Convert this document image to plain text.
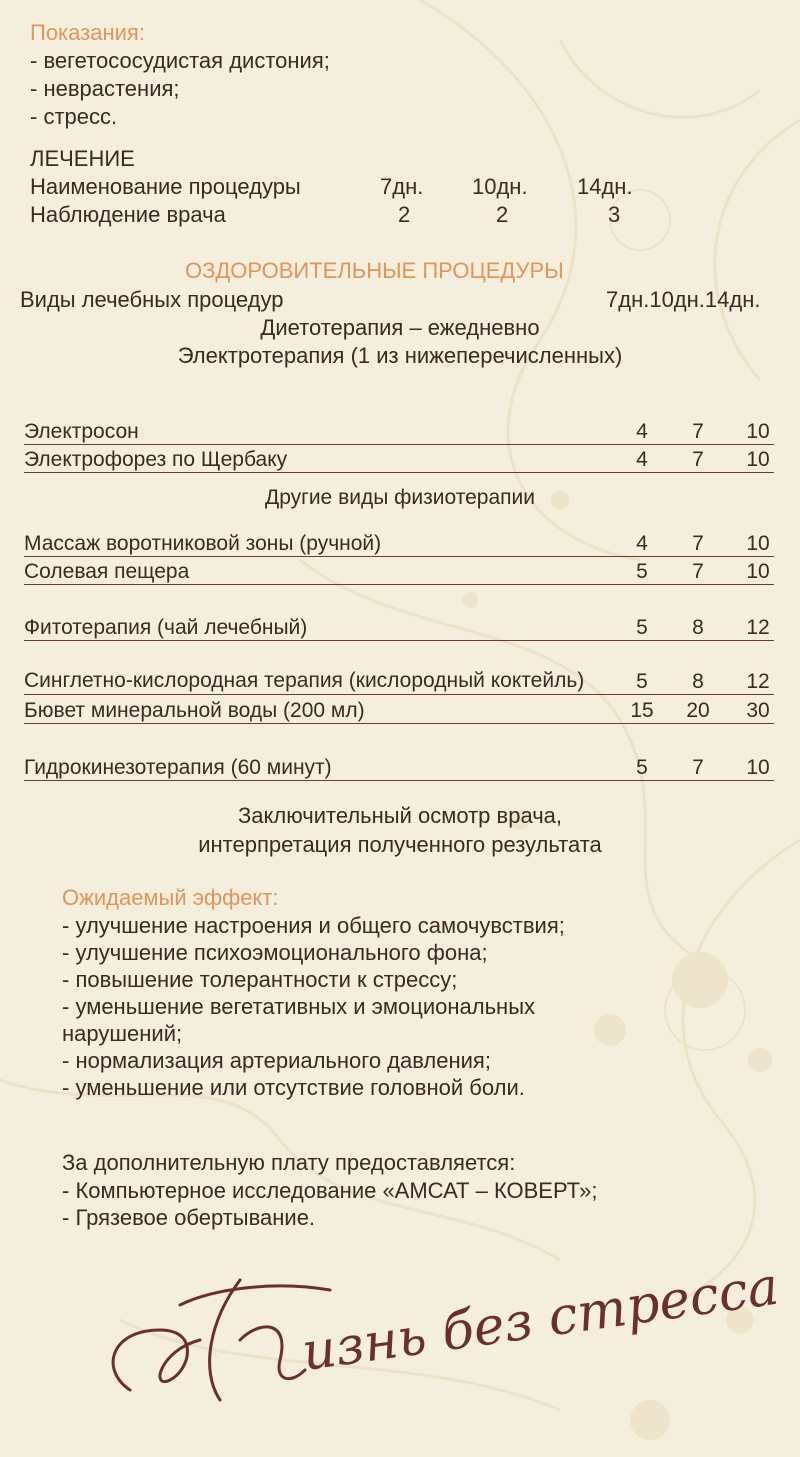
Показания:
- вегетососудистая дистония;
- неврастения;
- стресс.
ЛЕЧЕНИЕ
Наименование процедуры	7дн. 10дн. 14дн.
Наблюдение врача	2	2	3
ОЗДОРОВИТЕЛЬНЫЕ ПРОЦЕДУРЫ
Виды лечебных процедур	7дн.10дн.14дн.
Диетотерапия – ежедневно
Электротерапия (1 из нижеперечисленных)
Электросон	4	7	10
Электрофорез по Щербаку	4	7	10
Другие виды физиотерапии
Массаж воротниковой зоны (ручной)	4	7	10
Солевая пещера	5	7	10
Фитотерапия (чай лечебный)	5	8	12
Синглетно-кислородная терапия (кислородный коктейль)	5	8	12
Бювет минеральной воды (200 мл)	15	20	30
Гидрокинезотерапия (60 минут)	5	7	10
Заключительный осмотр врача,
интерпретация полученного результата
Ожидаемый эффект:
- улучшение настроения и общего самочувствия;
- улучшение психоэмоционального фона;
- повышение толерантности к стрессу;
- уменьшение вегетативных и эмоциональных
нарушений;
- нормализация артериального давления;
- уменьшение или отсутствие головной боли.
За дополнительную плату предоставляется:
- Компьютерное исследование «АМСАТ – КОВЕРТ»;
- Грязевое обертывание.
изнь без стресса
